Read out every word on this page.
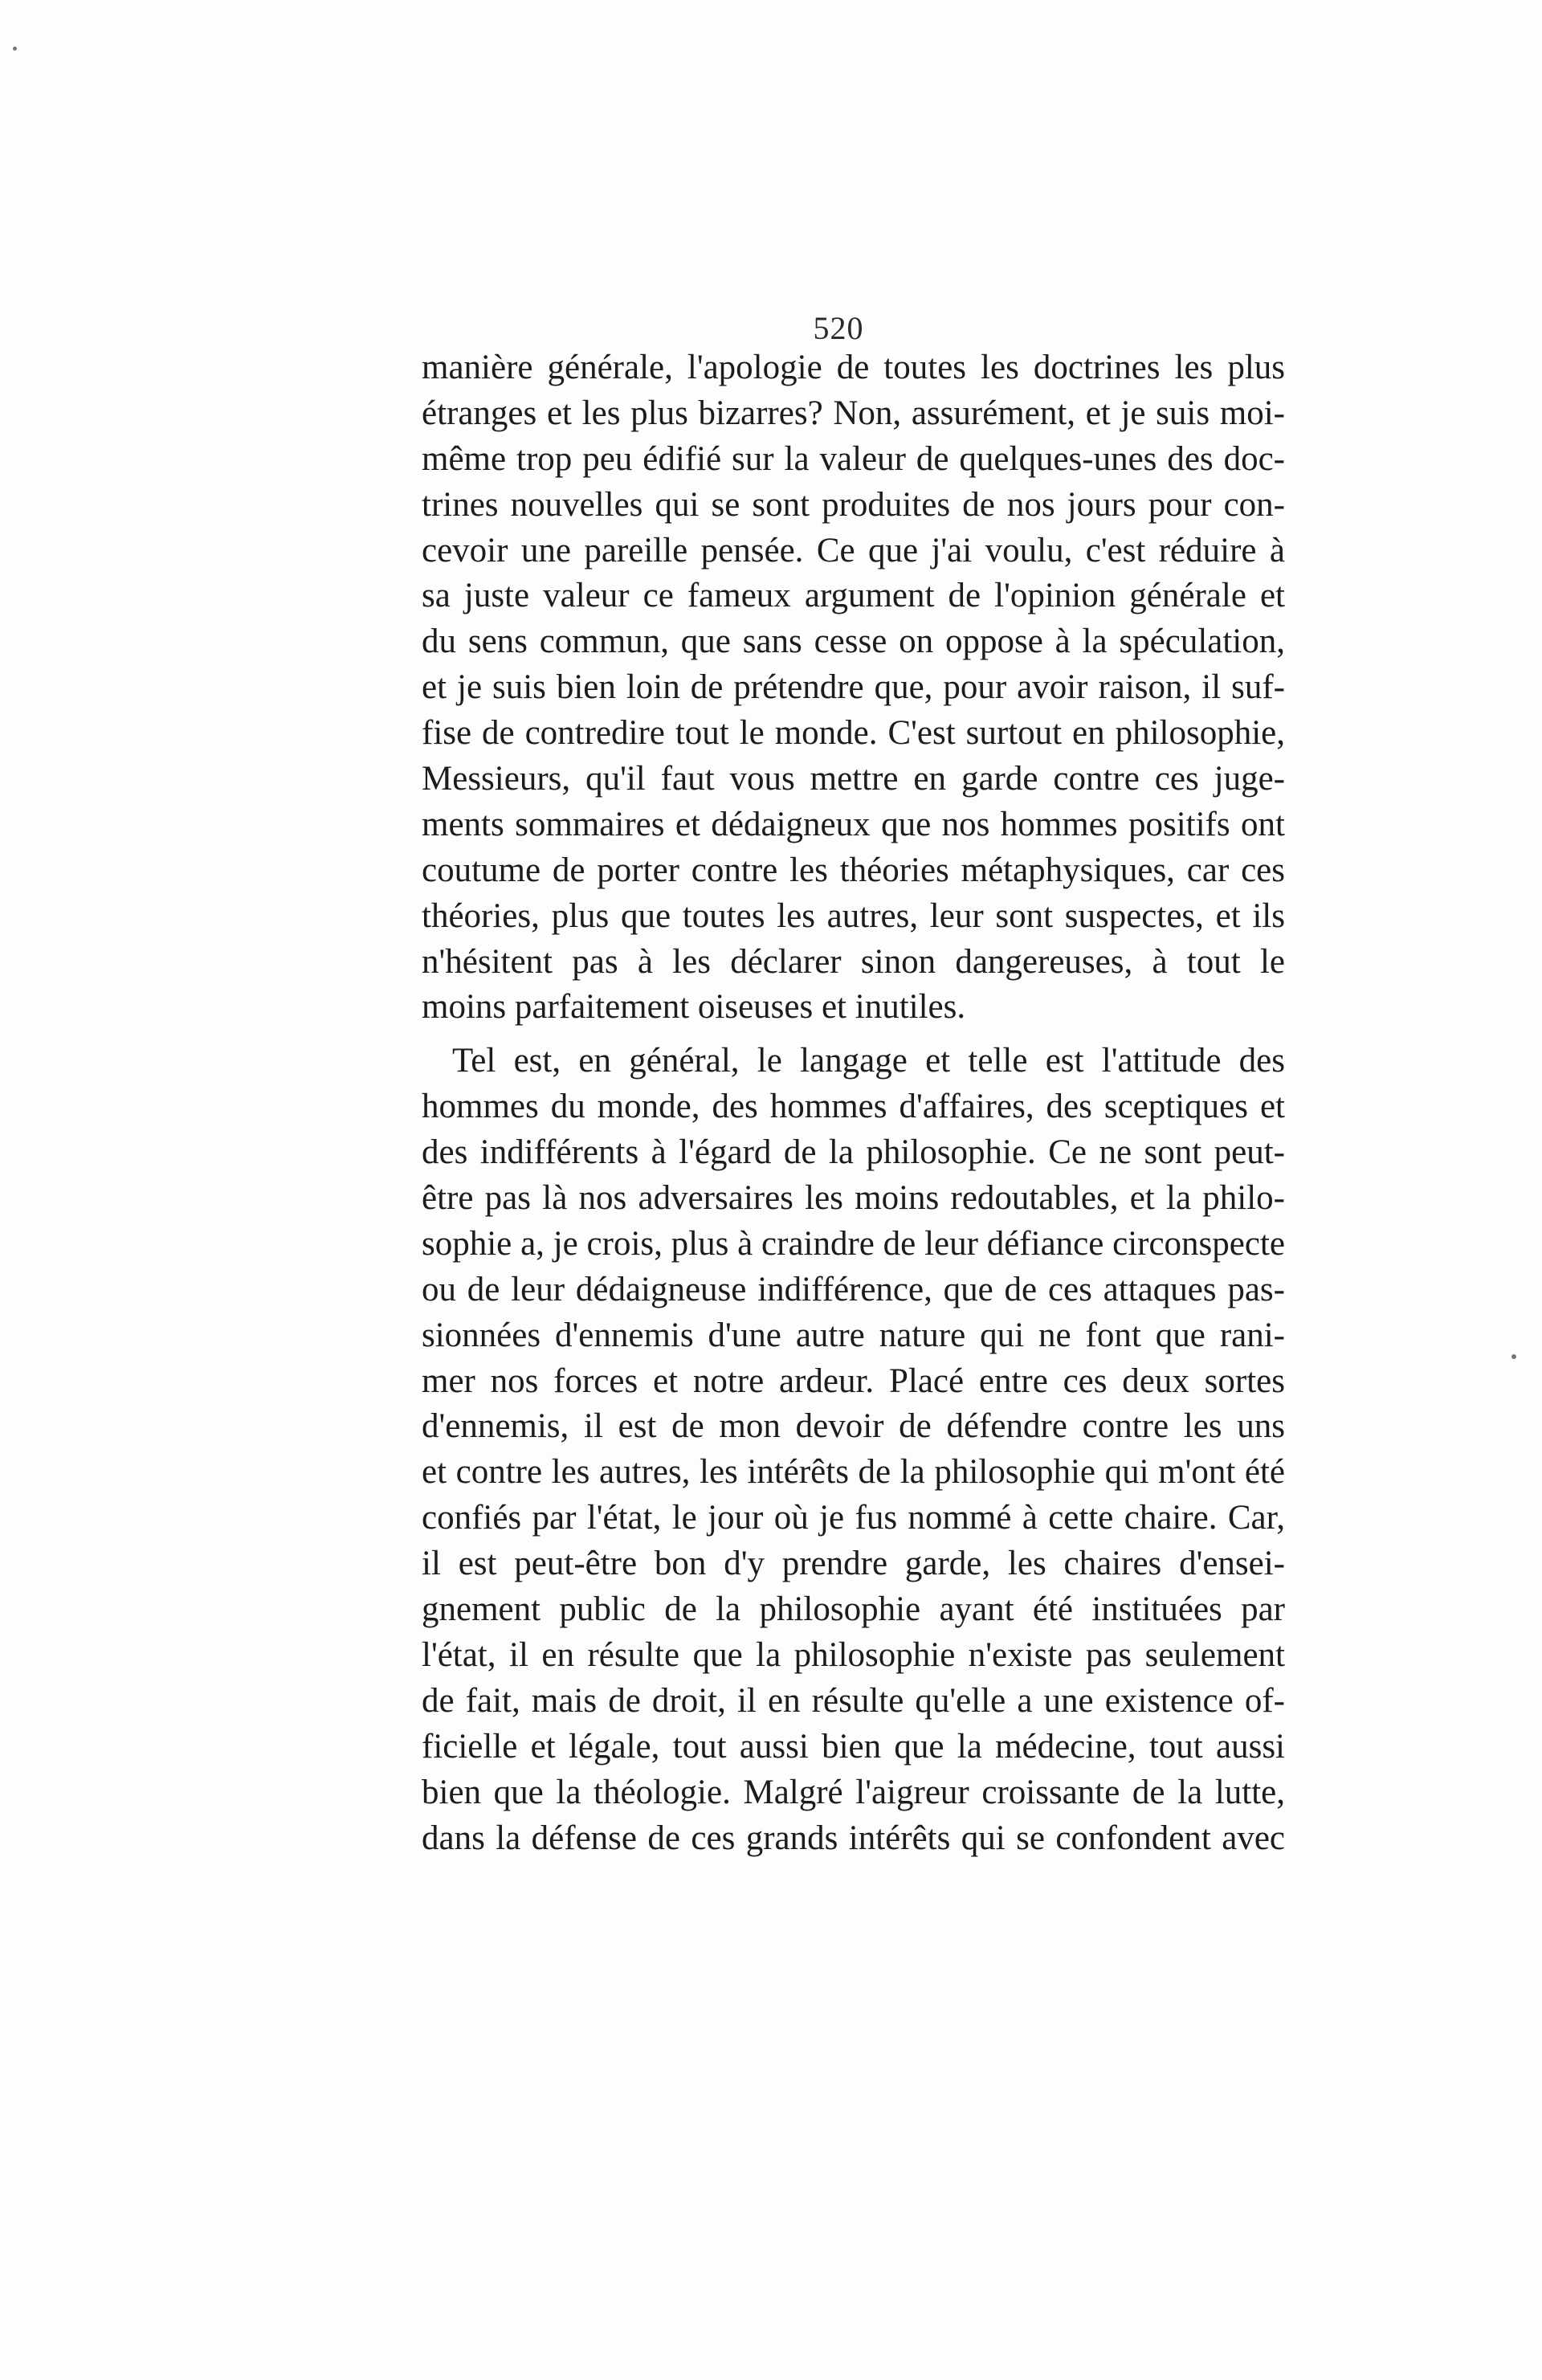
520
manière générale, l'apologie de toutes les doctrines les plus
étranges et les plus bizarres? Non, assurément, et je suis moi-
même trop peu édifié sur la valeur de quelques-unes des doc-
trines nouvelles qui se sont produites de nos jours pour con-
cevoir une pareille pensée. Ce que j'ai voulu, c'est réduire à
sa juste valeur ce fameux argument de l'opinion générale et
du sens commun, que sans cesse on oppose à la spéculation,
et je suis bien loin de prétendre que, pour avoir raison, il suf-
fise de contredire tout le monde. C'est surtout en philosophie,
Messieurs, qu'il faut vous mettre en garde contre ces juge-
ments sommaires et dédaigneux que nos hommes positifs ont
coutume de porter contre les théories métaphysiques, car ces
théories, plus que toutes les autres, leur sont suspectes, et ils
n'hésitent pas à les déclarer sinon dangereuses, à tout le
moins parfaitement oiseuses et inutiles.
Tel est, en général, le langage et telle est l'attitude des
hommes du monde, des hommes d'affaires, des sceptiques et
des indifférents à l'égard de la philosophie. Ce ne sont peut-
être pas là nos adversaires les moins redoutables, et la philo-
sophie a, je crois, plus à craindre de leur défiance circonspecte
ou de leur dédaigneuse indifférence, que de ces attaques pas-
sionnées d'ennemis d'une autre nature qui ne font que rani-
mer nos forces et notre ardeur. Placé entre ces deux sortes
d'ennemis, il est de mon devoir de défendre contre les uns
et contre les autres, les intérêts de la philosophie qui m'ont été
confiés par l'état, le jour où je fus nommé à cette chaire. Car,
il est peut-être bon d'y prendre garde, les chaires d'ensei-
gnement public de la philosophie ayant été instituées par
l'état, il en résulte que la philosophie n'existe pas seulement
de fait, mais de droit, il en résulte qu'elle a une existence of-
ficielle et légale, tout aussi bien que la médecine, tout aussi
bien que la théologie. Malgré l'aigreur croissante de la lutte,
dans la défense de ces grands intérêts qui se confondent avec
